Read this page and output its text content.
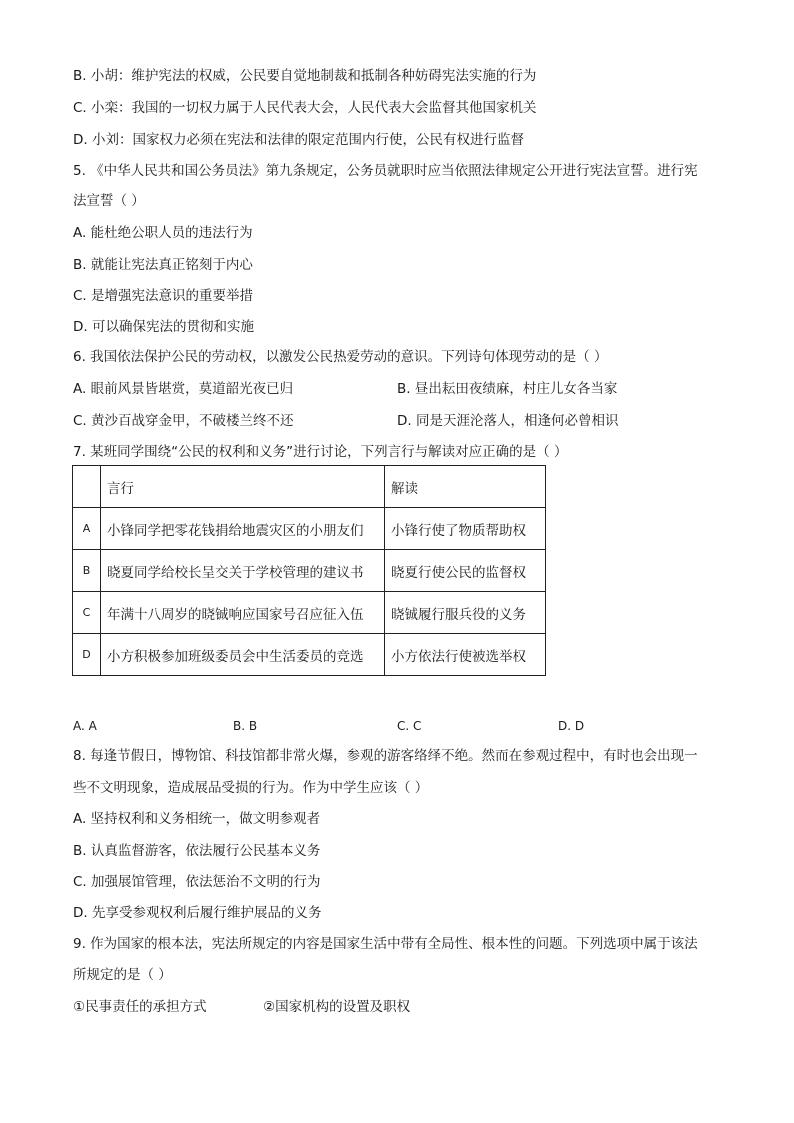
B. 小胡：维护宪法的权威，公民要自觉地制裁和抵制各种妨碍宪法实施的行为
C. 小栾：我国的一切权力属于人民代表大会，人民代表大会监督其他国家机关
D. 小刘：国家权力必须在宪法和法律的限定范围内行使，公民有权进行监督
5. 《中华人民共和国公务员法》第九条规定，公务员就职时应当依照法律规定公开进行宪法宣誓。进行宪
法宣誓（ ）
A. 能杜绝公职人员的违法行为
B. 就能让宪法真正铭刻于内心
C. 是增强宪法意识的重要举措
D. 可以确保宪法的贯彻和实施
6. 我国依法保护公民的劳动权，以激发公民热爱劳动的意识。下列诗句体现劳动的是（ ）
A. 眼前风景皆堪赏，莫道韶光夜已归	B. 昼出耘田夜绩麻，村庄儿女各当家
C. 黄沙百战穿金甲，不破楼兰终不还	D. 同是天涯沦落人，相逢何必曾相识
7. 某班同学围绕“公民的权利和义务”进行讨论，下列言行与解读对应正确的是（ ）
	言行	解读
A	小锋同学把零花钱捐给地震灾区的小朋友们	小锋行使了物质帮助权
B	晓夏同学给校长呈交关于学校管理的建议书	晓夏行使公民的监督权
C	年满十八周岁的晓铖响应国家号召应征入伍	晓铖履行服兵役的义务
D	小方积极参加班级委员会中生活委员的竞选	小方依法行使被选举权
A. A	B. B	C. C	D. D
8. 每逢节假日，博物馆、科技馆都非常火爆，参观的游客络绎不绝。然而在参观过程中，有时也会出现一
些不文明现象，造成展品受损的行为。作为中学生应该（ ）
A. 坚持权利和义务相统一，做文明参观者
B. 认真监督游客，依法履行公民基本义务
C. 加强展馆管理，依法惩治不文明的行为
D. 先享受参观权利后履行维护展品的义务
9. 作为国家的根本法，宪法所规定的内容是国家生活中带有全局性、根本性的问题。下列选项中属于该法
所规定的是（ ）
①民事责任的承担方式	②国家机构的设置及职权
